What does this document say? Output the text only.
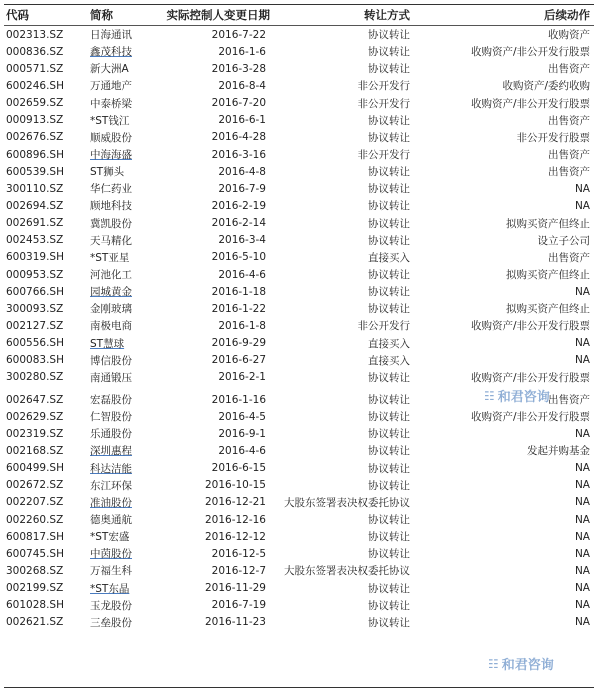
代码	简称	实际控制人变更日期	转让方式	后续动作
002313.SZ	日海通讯	2016-7-22	协议转让	收购资产
000836.SZ	鑫茂科技	2016-1-6	协议转让	收购资产/非公开发行股票
000571.SZ	新大洲A	2016-3-28	协议转让	出售资产
600246.SH	万通地产	2016-8-4	非公开发行	收购资产/委约收购
002659.SZ	中泰桥梁	2016-7-20	非公开发行	收购资产/非公开发行股票
000913.SZ	*ST钱江	2016-6-1	协议转让	出售资产
002676.SZ	顺威股份	2016-4-28	协议转让	非公开发行股票
600896.SH	中海海盛	2016-3-16	非公开发行	出售资产
600539.SH	ST狮头	2016-4-8	协议转让	出售资产
300110.SZ	华仁药业	2016-7-9	协议转让	NA
002694.SZ	顾地科技	2016-2-19	协议转让	NA
002691.SZ	冀凯股份	2016-2-14	协议转让	拟购买资产但终止
002453.SZ	天马精化	2016-3-4	协议转让	设立子公司
600319.SH	*ST亚星	2016-5-10	直接买入	出售资产
000953.SZ	河池化工	2016-4-6	协议转让	拟购买资产但终止
600766.SH	园城黄金	2016-1-18	协议转让	NA
300093.SZ	金刚玻璃	2016-1-22	协议转让	拟购买资产但终止
002127.SZ	南极电商	2016-1-8	非公开发行	收购资产/非公开发行股票
600556.SH	ST慧球	2016-9-29	直接买入	NA
600083.SH	博信股份	2016-6-27	直接买入	NA
300280.SZ	南通锻压	2016-2-1	协议转让	收购资产/非公开发行股票
002647.SZ	宏磊股份	2016-1-16	协议转让	出售资产
002629.SZ	仁智股份	2016-4-5	协议转让	收购资产/非公开发行股票
002319.SZ	乐通股份	2016-9-1	协议转让	NA
002168.SZ	深圳惠程	2016-4-6	协议转让	发起并购基金
600499.SH	科达洁能	2016-6-15	协议转让	NA
002672.SZ	东江环保	2016-10-15	协议转让	NA
002207.SZ	准油股份	2016-12-21	大股东签署表决权委托协议	NA
002260.SZ	德奥通航	2016-12-16	协议转让	NA
600817.SH	*ST宏盛	2016-12-12	协议转让	NA
600745.SH	中茵股份	2016-12-5	协议转让	NA
300268.SZ	万福生科	2016-12-7	大股东签署表决权委托协议	NA
002199.SZ	*ST东晶	2016-11-29	协议转让	NA
601028.SH	玉龙股份	2016-7-19	协议转让	NA
002621.SZ	三垒股份	2016-11-23	协议转让	NA
☷ 和君咨询
☷ 和君咨询
